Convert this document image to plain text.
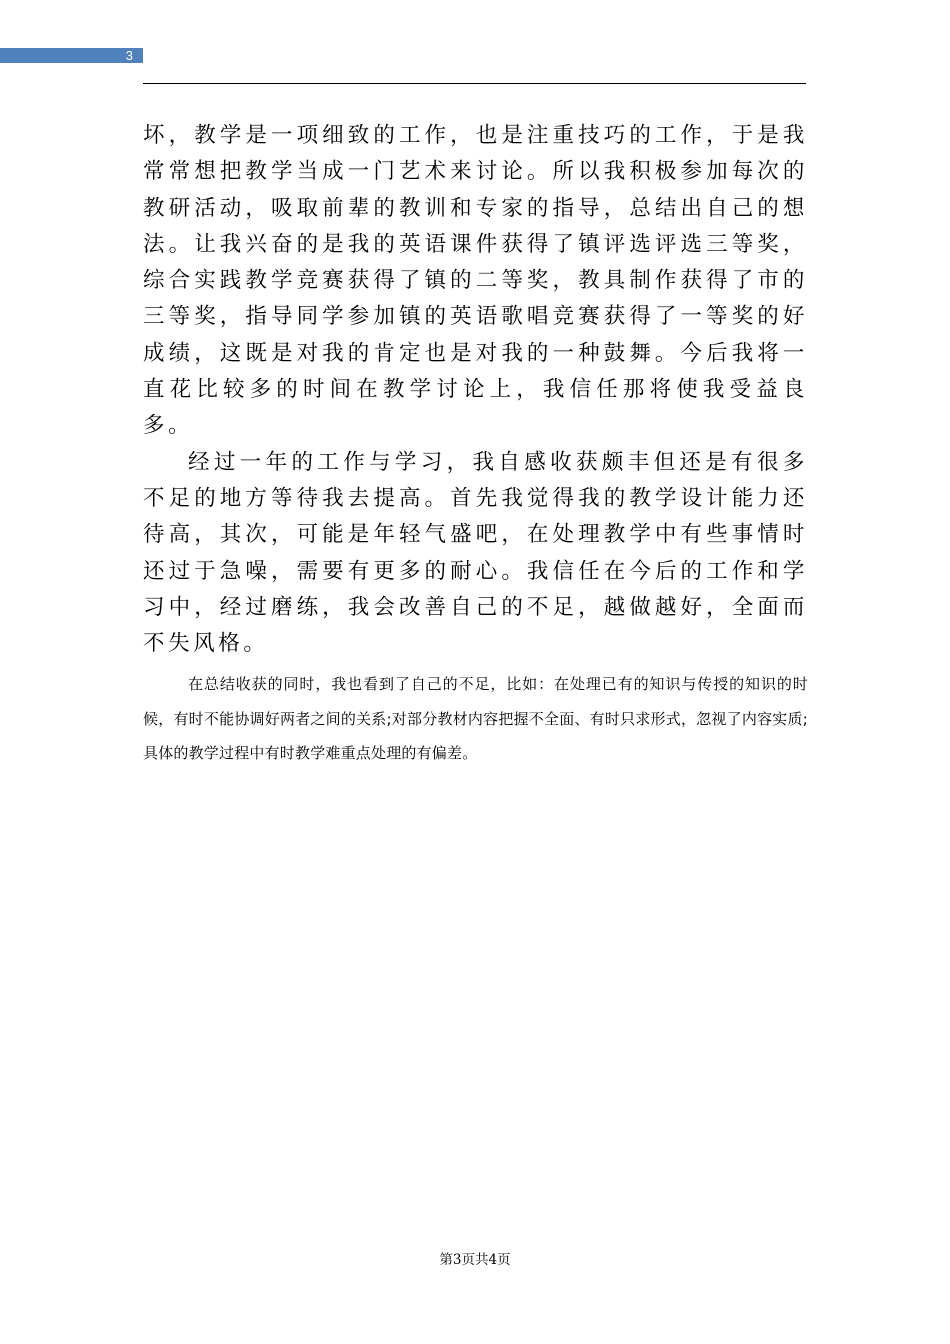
3

坏，教学是一项细致的工作，也是注重技巧的工作，于是我常常想把教学当成一门艺术来讨论。所以我积极参加每次的教研活动，吸取前辈的教训和专家的指导，总结出自己的想法。让我兴奋的是我的英语课件获得了镇评选评选三等奖，综合实践教学竞赛获得了镇的二等奖，教具制作获得了市的三等奖，指导同学参加镇的英语歌唱竞赛获得了一等奖的好成绩，这既是对我的肯定也是对我的一种鼓舞。今后我将一直花比较多的时间在教学讨论上，我信任那将使我受益良多。

经过一年的工作与学习，我自感收获颇丰但还是有很多不足的地方等待我去提高。首先我觉得我的教学设计能力还待高，其次，可能是年轻气盛吧，在处理教学中有些事情时还过于急噪，需要有更多的耐心。我信任在今后的工作和学习中，经过磨练，我会改善自己的不足，越做越好，全面而不失风格。

在总结收获的同时，我也看到了自己的不足，比如：在处理已有的知识与传授的知识的时候，有时不能协调好两者之间的关系;对部分教材内容把握不全面、有时只求形式，忽视了内容实质;具体的教学过程中有时教学难重点处理的有偏差。

第3页共4页
